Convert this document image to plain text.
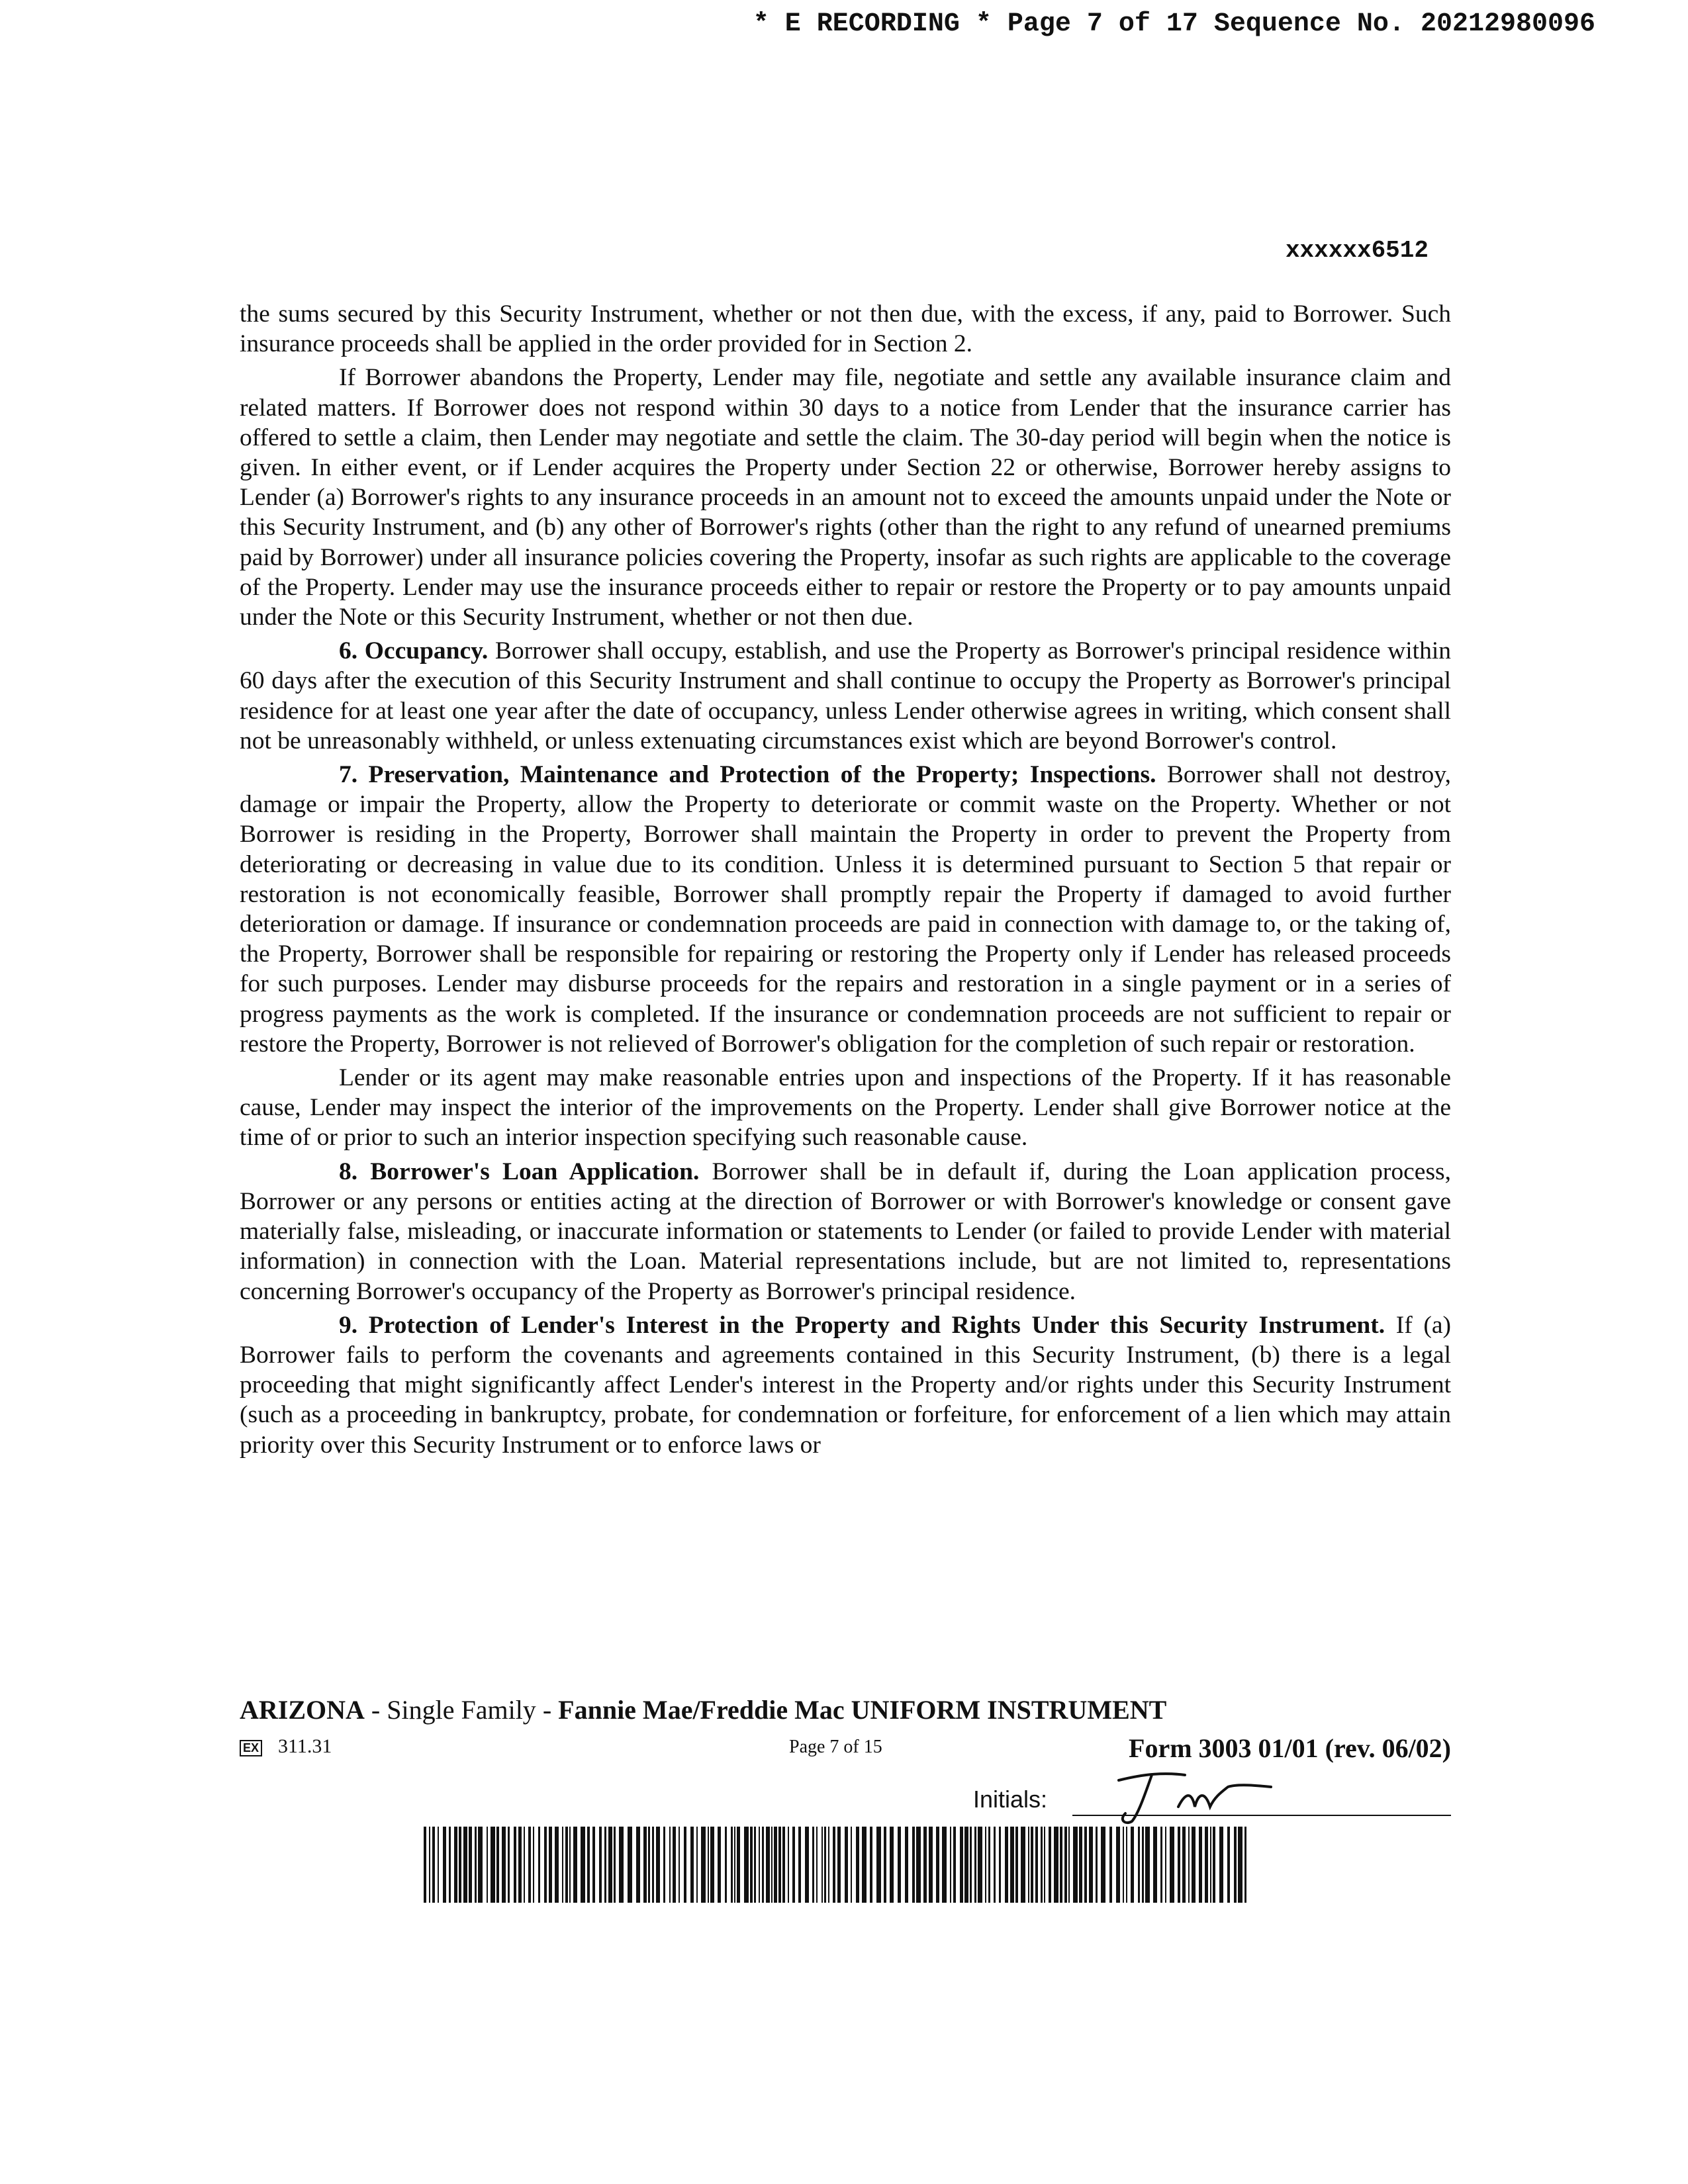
* E RECORDING * Page 7 of 17 Sequence No. 20212980096
xxxxxx6512

the sums secured by this Security Instrument, whether or not then due, with the excess, if any, paid to Borrower. Such insurance proceeds shall be applied in the order provided for in Section 2.

If Borrower abandons the Property, Lender may file, negotiate and settle any available insurance claim and related matters. If Borrower does not respond within 30 days to a notice from Lender that the insurance carrier has offered to settle a claim, then Lender may negotiate and settle the claim. The 30-day period will begin when the notice is given. In either event, or if Lender acquires the Property under Section 22 or otherwise, Borrower hereby assigns to Lender (a) Borrower's rights to any insurance proceeds in an amount not to exceed the amounts unpaid under the Note or this Security Instrument, and (b) any other of Borrower's rights (other than the right to any refund of unearned premiums paid by Borrower) under all insurance policies covering the Property, insofar as such rights are applicable to the coverage of the Property. Lender may use the insurance proceeds either to repair or restore the Property or to pay amounts unpaid under the Note or this Security Instrument, whether or not then due.

6. Occupancy. Borrower shall occupy, establish, and use the Property as Borrower's principal residence within 60 days after the execution of this Security Instrument and shall continue to occupy the Property as Borrower's principal residence for at least one year after the date of occupancy, unless Lender otherwise agrees in writing, which consent shall not be unreasonably withheld, or unless extenuating circumstances exist which are beyond Borrower's control.

7. Preservation, Maintenance and Protection of the Property; Inspections. Borrower shall not destroy, damage or impair the Property, allow the Property to deteriorate or commit waste on the Property. Whether or not Borrower is residing in the Property, Borrower shall maintain the Property in order to prevent the Property from deteriorating or decreasing in value due to its condition. Unless it is determined pursuant to Section 5 that repair or restoration is not economically feasible, Borrower shall promptly repair the Property if damaged to avoid further deterioration or damage. If insurance or condemnation proceeds are paid in connection with damage to, or the taking of, the Property, Borrower shall be responsible for repairing or restoring the Property only if Lender has released proceeds for such purposes. Lender may disburse proceeds for the repairs and restoration in a single payment or in a series of progress payments as the work is completed. If the insurance or condemnation proceeds are not sufficient to repair or restore the Property, Borrower is not relieved of Borrower's obligation for the completion of such repair or restoration.

Lender or its agent may make reasonable entries upon and inspections of the Property. If it has reasonable cause, Lender may inspect the interior of the improvements on the Property. Lender shall give Borrower notice at the time of or prior to such an interior inspection specifying such reasonable cause.

8. Borrower's Loan Application. Borrower shall be in default if, during the Loan application process, Borrower or any persons or entities acting at the direction of Borrower or with Borrower's knowledge or consent gave materially false, misleading, or inaccurate information or statements to Lender (or failed to provide Lender with material information) in connection with the Loan. Material representations include, but are not limited to, representations concerning Borrower's occupancy of the Property as Borrower's principal residence.

9. Protection of Lender's Interest in the Property and Rights Under this Security Instrument. If (a) Borrower fails to perform the covenants and agreements contained in this Security Instrument, (b) there is a legal proceeding that might significantly affect Lender's interest in the Property and/or rights under this Security Instrument (such as a proceeding in bankruptcy, probate, for condemnation or forfeiture, for enforcement of a lien which may attain priority over this Security Instrument or to enforce laws or

ARIZONA - Single Family - Fannie Mae/Freddie Mac UNIFORM INSTRUMENT
EX 311.31	Page 7 of 15	Form 3003 01/01 (rev. 06/02)
Initials:
